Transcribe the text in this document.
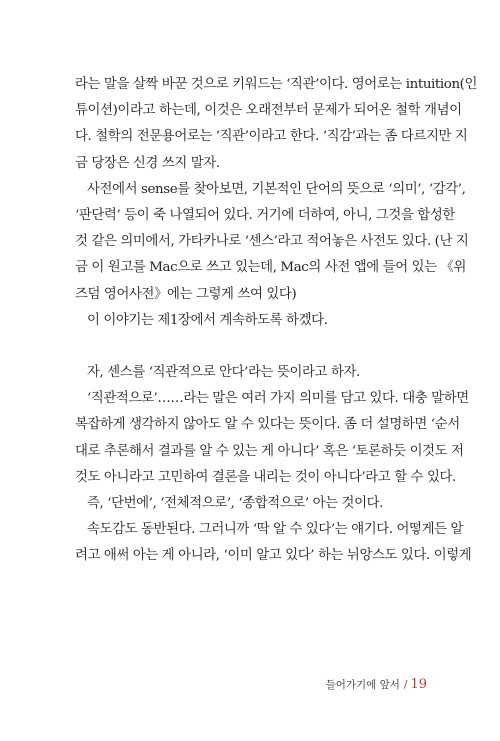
라는 말을 살짝 바꾼 것으로 키워드는 ‘직관’이다. 영어로는 intuition(인
튜이션)이라고 하는데, 이것은 오래전부터 문제가 되어온 철학 개념이
다. 철학의 전문용어로는 ‘직관’이라고 한다. ‘직감’과는 좀 다르지만 지
금 당장은 신경 쓰지 말자.
사전에서 sense를 찾아보면, 기본적인 단어의 뜻으로 ‘의미’, ‘감각’,
‘판단력’ 등이 죽 나열되어 있다. 거기에 더하여, 아니, 그것을 합성한
것 같은 의미에서, 가타카나로 ‘센스’라고 적어놓은 사전도 있다. (난 지
금 이 원고를 Mac으로 쓰고 있는데, Mac의 사전 앱에 들어 있는 《위
즈덤 영어사전》에는 그렇게 쓰여 있다)
이 이야기는 제1장에서 계속하도록 하겠다.
자, 센스를 ‘직관적으로 안다’라는 뜻이라고 하자.
‘직관적으로’……라는 말은 여러 가지 의미를 담고 있다. 대충 말하면
복잡하게 생각하지 않아도 알 수 있다는 뜻이다. 좀 더 설명하면 ‘순서
대로 추론해서 결과를 알 수 있는 게 아니다’ 혹은 ‘토론하듯 이것도 저
것도 아니라고 고민하여 결론을 내리는 것이 아니다’라고 할 수 있다.
즉, ‘단번에’, ‘전체적으로’, ‘종합적으로’ 아는 것이다.
속도감도 동반된다. 그러니까 ‘딱 알 수 있다’는 얘기다. 어떻게든 알
려고 애써 아는 게 아니라, ‘이미 알고 있다’ 하는 뉘앙스도 있다. 이렇게
들어가기에 앞서 / 19
